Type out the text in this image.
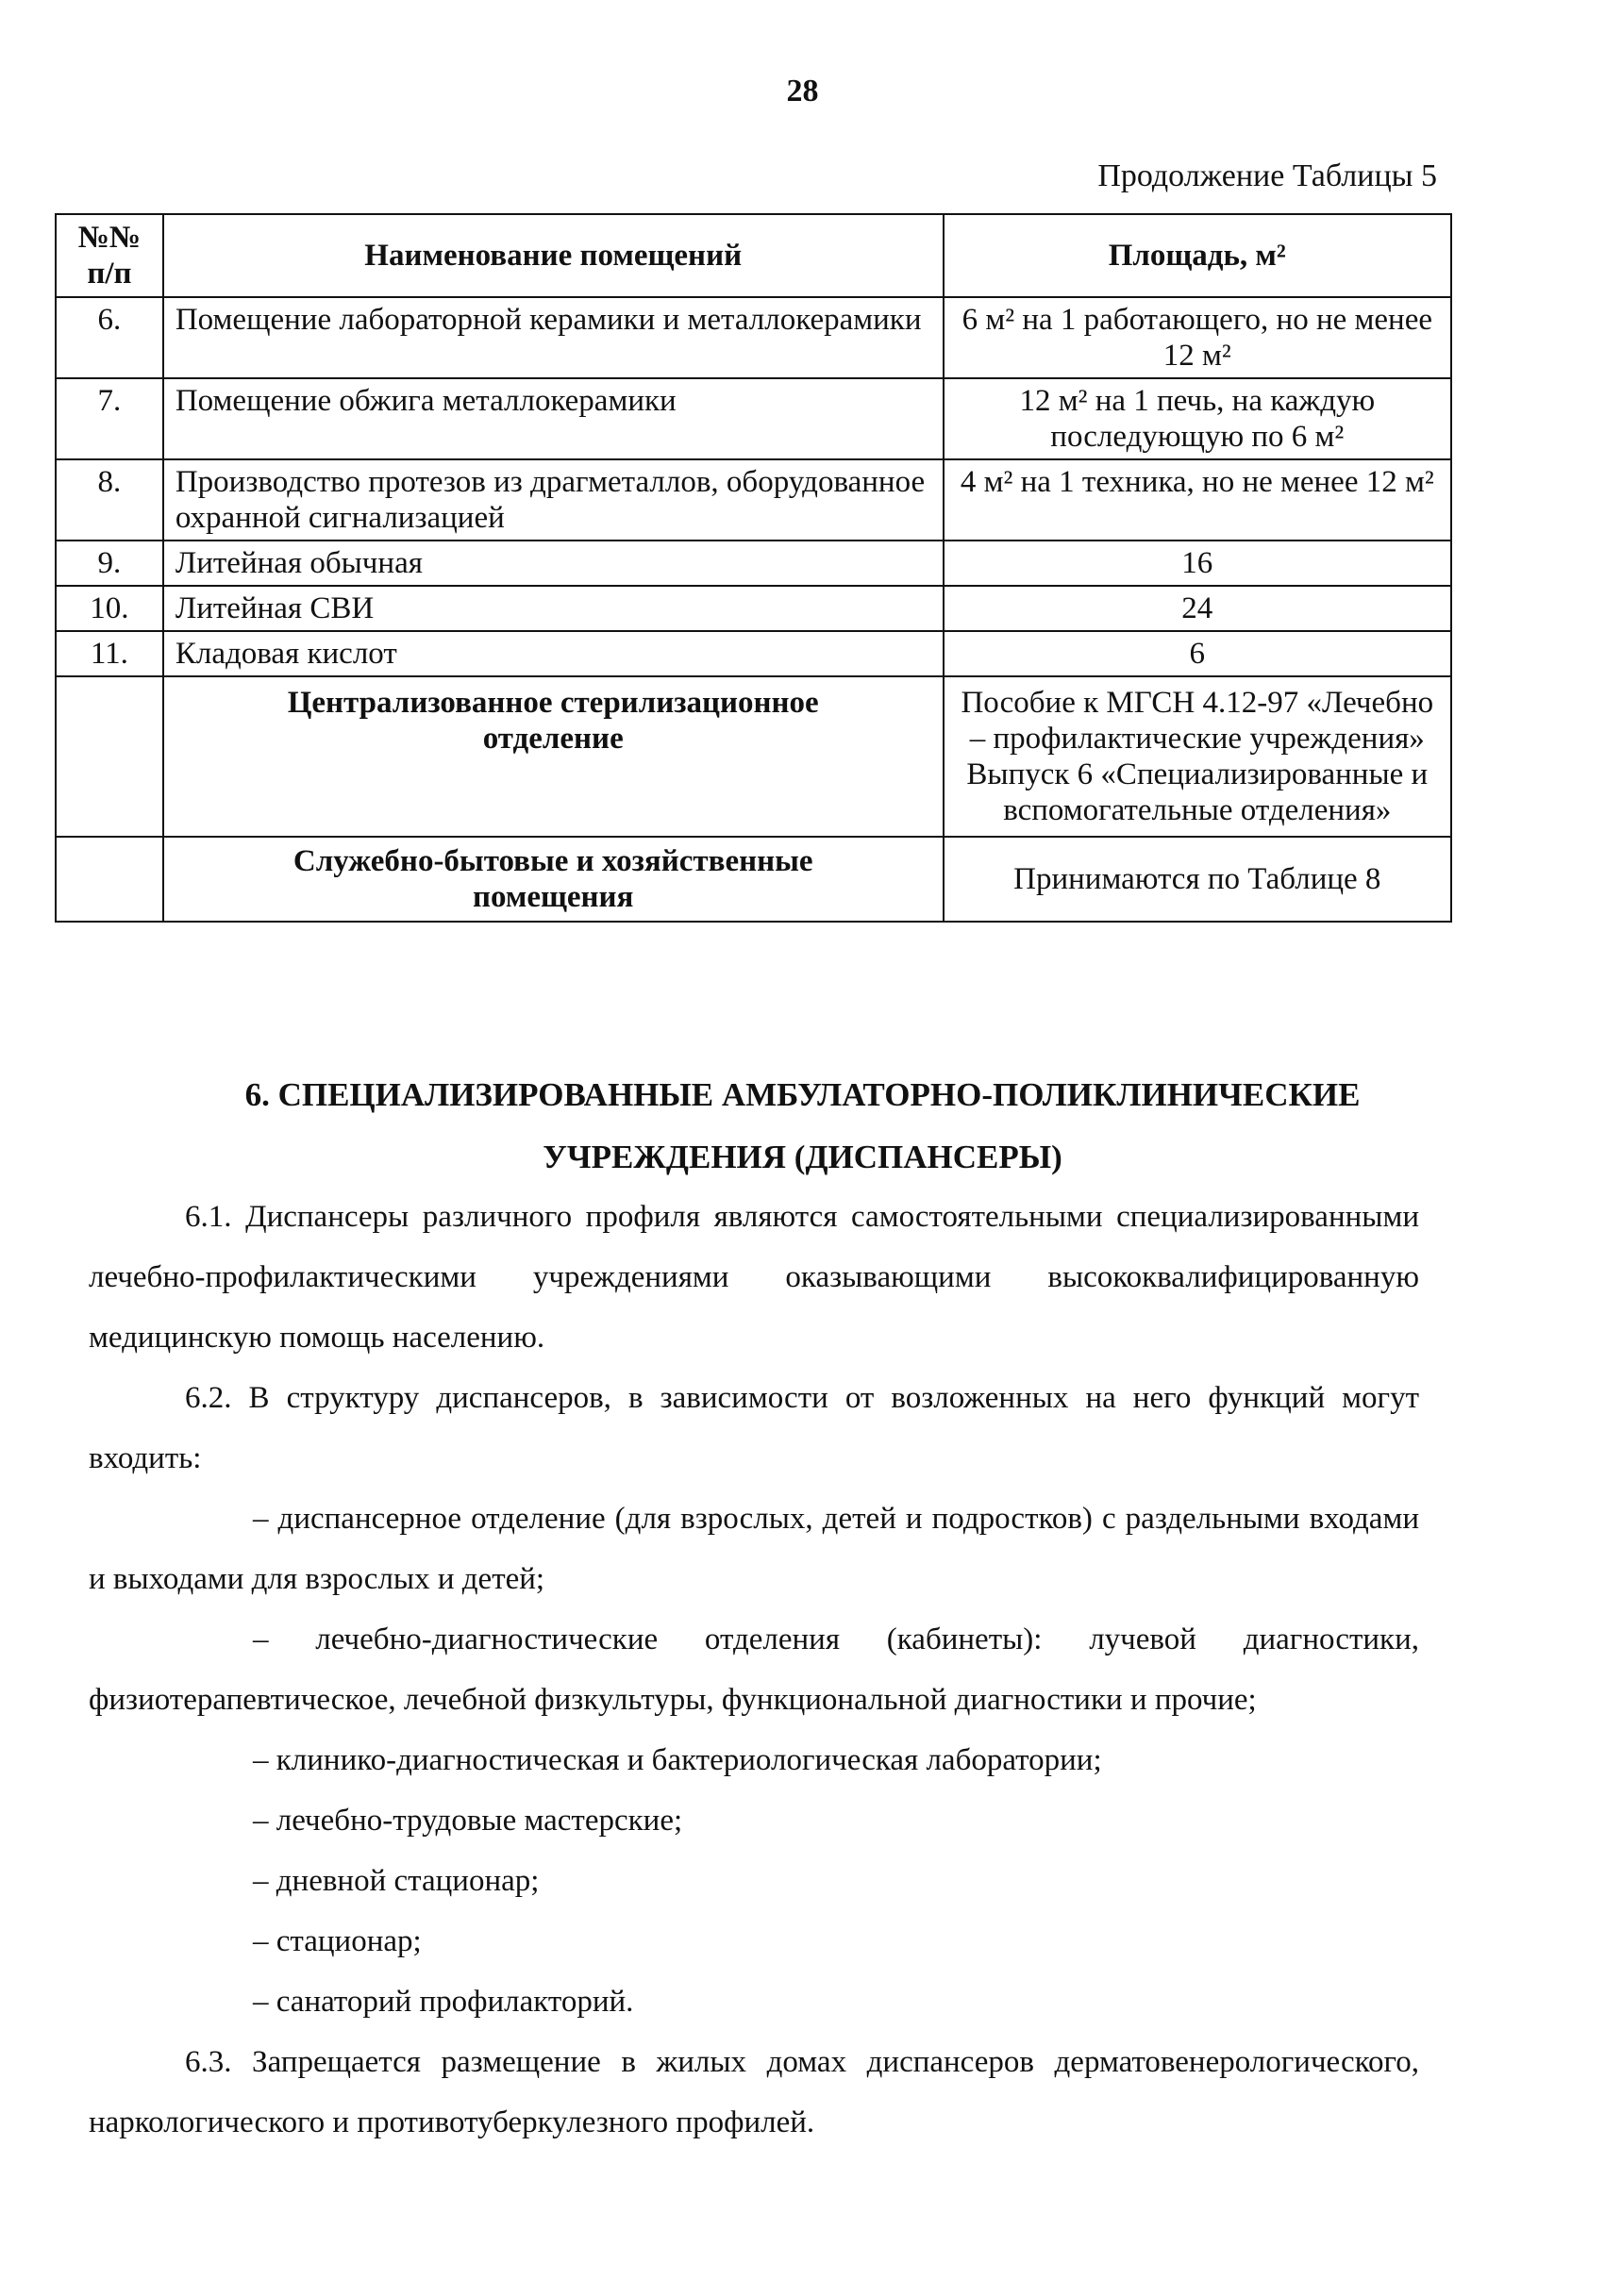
28
Продолжение Таблицы 5
№№ п/п	Наименование помещений	Площадь, м²
6.	Помещение лабораторной керамики и металлокерамики	6 м² на 1 работающего, но не менее 12 м²
7.	Помещение обжига металлокерамики	12 м² на 1 печь, на каждую последующую по 6 м²
8.	Производство протезов из драгметаллов, оборудованное охранной сигнализацией	4 м² на 1 техника, но не менее 12 м²
9.	Литейная обычная	16
10.	Литейная СВИ	24
11.	Кладовая кислот	6
	Централизованное стерилизационное отделение	Пособие к МГСН 4.12-97 «Лечебно – профилактические учреждения» Выпуск 6 «Специализированные и вспомогательные отделения»
	Служебно-бытовые и хозяйственные помещения	Принимаются по Таблице 8
6. СПЕЦИАЛИЗИРОВАННЫЕ АМБУЛАТОРНО-ПОЛИКЛИНИЧЕСКИЕ
УЧРЕЖДЕНИЯ (ДИСПАНСЕРЫ)

6.1. Диспансеры различного профиля являются самостоятельными специализированными лечебно-профилактическими учреждениями оказывающими высококвалифицированную медицинскую помощь населению.

6.2. В структуру диспансеров, в зависимости от возложенных на него функций могут входить:

– диспансерное отделение (для взрослых, детей и подростков) с раздельными входами и выходами для взрослых и детей;

– лечебно-диагностические отделения (кабинеты): лучевой диагностики, физиотерапевтическое, лечебной физкультуры, функциональной диагностики и прочие;

– клинико-диагностическая и бактериологическая лаборатории;

– лечебно-трудовые мастерские;

– дневной стационар;

– стационар;

– санаторий профилакторий.

6.3. Запрещается размещение в жилых домах диспансеров дерматовенерологического, наркологического и противотуберкулезного профилей.
